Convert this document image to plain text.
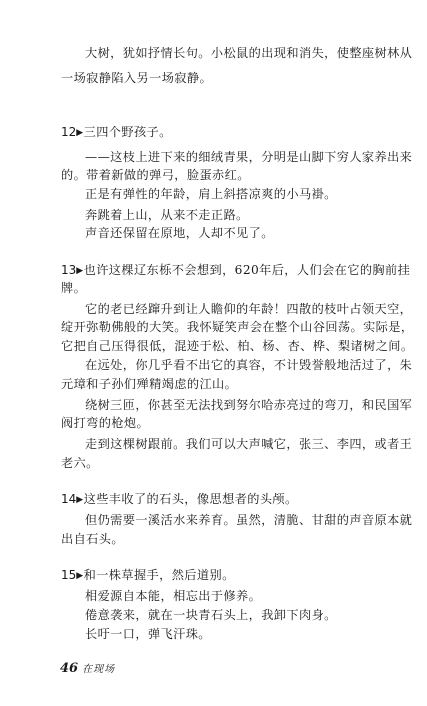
大树，犹如抒情长句。小松鼠的出现和消失，使整座树林从
一场寂静陷入另一场寂静。
12▶三四个野孩子。
——这枝上进下来的细绒青果，分明是山脚下穷人家养出来
的。带着新做的弹弓，脸蛋赤红。
正是有弹性的年龄，肩上斜搭凉爽的小马褂。
奔跳着上山，从来不走正路。
声音还保留在原地，人却不见了。
13▶也许这棵辽东栎不会想到，620年后，人们会在它的胸前挂
牌。
它的老已经蹿升到让人瞻仰的年龄！四散的枝叶占领天空，
绽开弥勒佛般的大笑。我怀疑笑声会在整个山谷回荡。实际是，
它把自己压得很低，混迹于松、柏、杨、杏、桦、梨诸树之间。
在远处，你几乎看不出它的真容，不计毁誉般地活过了，朱
元璋和子孙们殚精竭虑的江山。
绕树三匝，你甚至无法找到努尔哈赤亮过的弯刀，和民国军
阀打弯的枪炮。
走到这棵树跟前。我们可以大声喊它，张三、李四，或者王
老六。
14▶这些丰收了的石头，像思想者的头颅。
但仍需要一溪活水来养育。虽然，清脆、甘甜的声音原本就
出自石头。
15▶和一株草握手，然后道别。
相爱源自本能，相忘出于修养。
倦意袭来，就在一块青石头上，我卸下肉身。
长吁一口，弹飞汗珠。
46 在现场
